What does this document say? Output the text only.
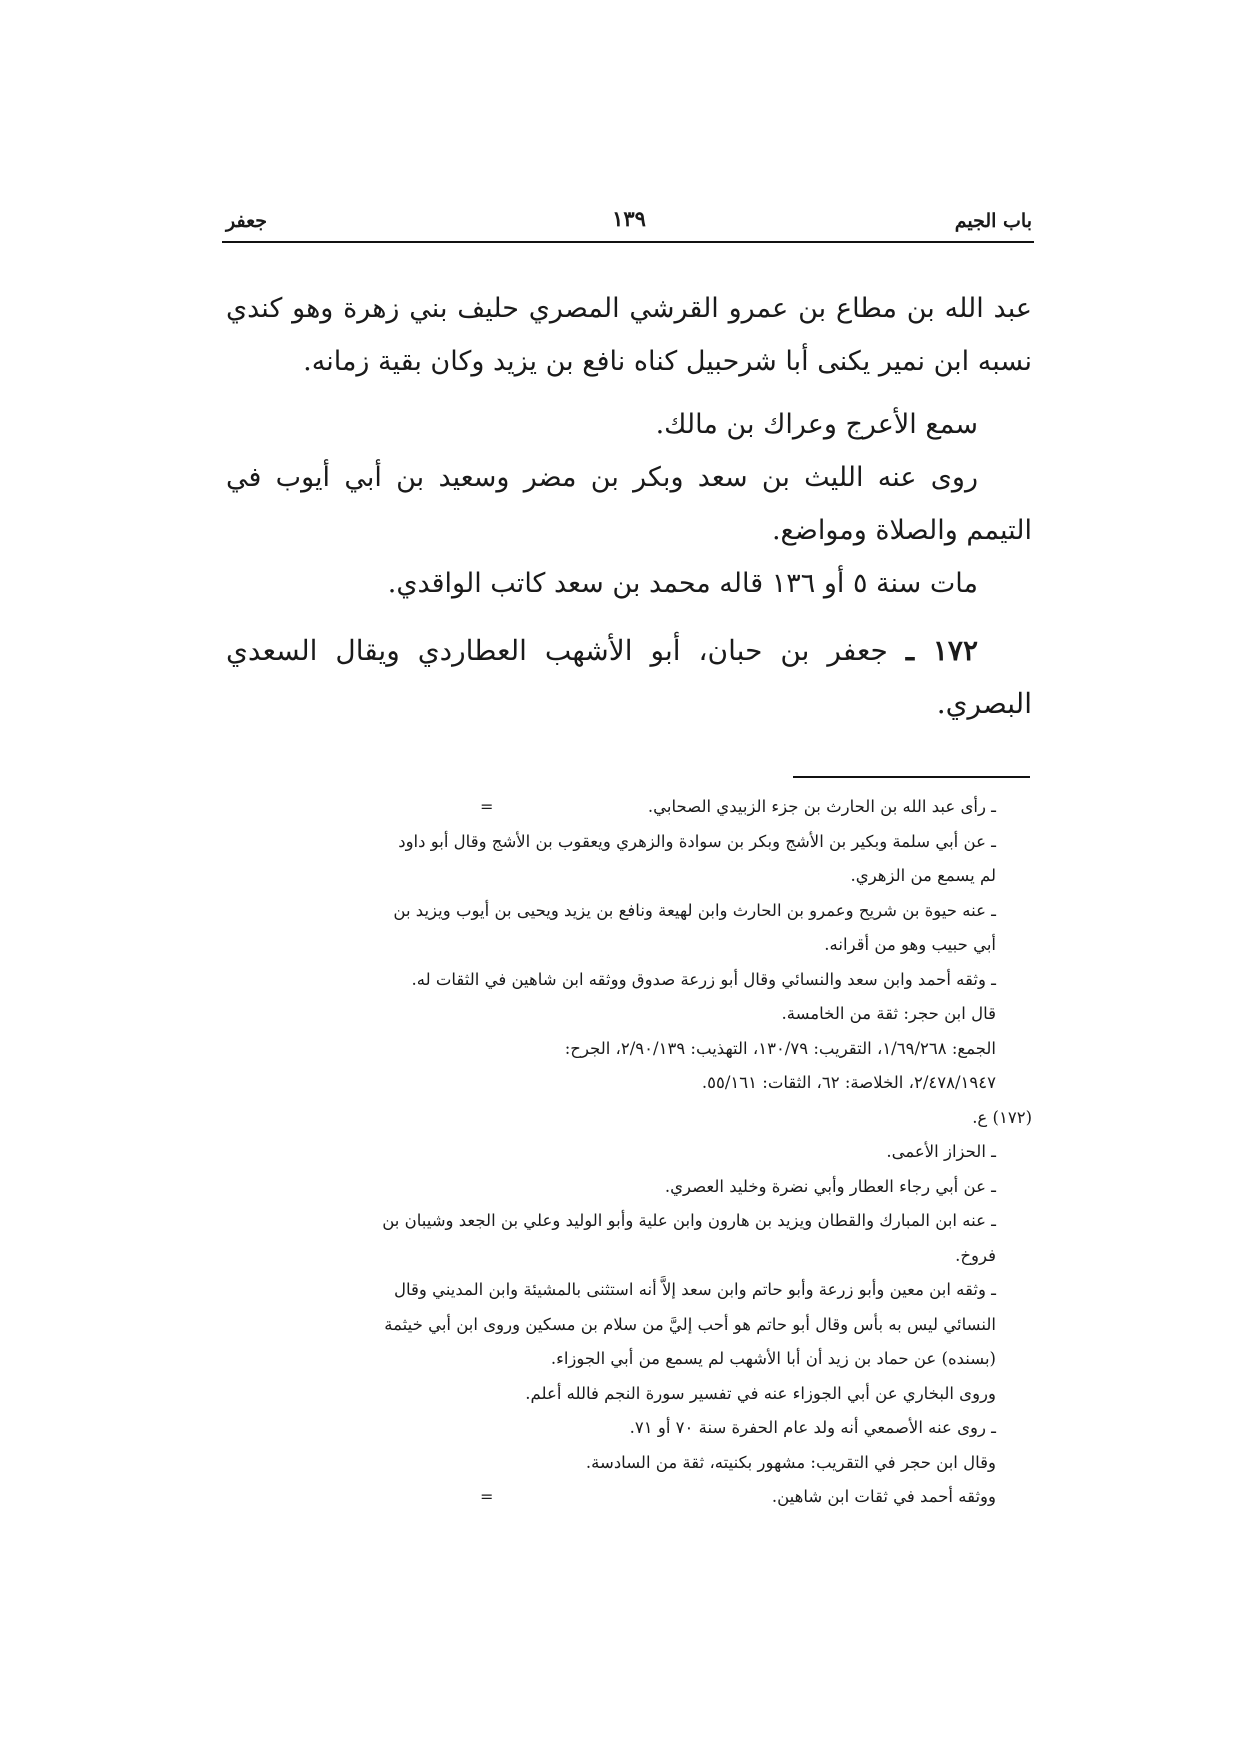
باب الجيم
١٣٩
جعفر
عبد الله بن مطاع بن عمرو القرشي المصري حليف بني زهرة وهو كندي
نسبه ابن نمير يكنى أبا شرحبيل كناه نافع بن يزيد وكان بقية زمانه.
سمع الأعرج وعراك بن مالك.
روى عنه الليث بن سعد وبكر بن مضر وسعيد بن أبي أيوب في
التيمم والصلاة ومواضع.
مات سنة ٥ أو ١٣٦ قاله محمد بن سعد كاتب الواقدي.
١٧٢ ـ جعفر بن حبان، أبو الأشهب العطاردي ويقال السعدي
البصري.
=	ـ رأى عبد الله بن الحارث بن جزء الزبيدي الصحابي.
ـ عن أبي سلمة وبكير بن الأشج وبكر بن سوادة والزهري ويعقوب بن الأشج وقال أبو داود
لم يسمع من الزهري.
ـ عنه حيوة بن شريح وعمرو بن الحارث وابن لهيعة ونافع بن يزيد ويحيى بن أيوب ويزيد بن
أبي حبيب وهو من أقرانه.
ـ وثقه أحمد وابن سعد والنسائي وقال أبو زرعة صدوق ووثقه ابن شاهين في الثقات له.
قال ابن حجر: ثقة من الخامسة.
الجمع: ١/٦٩/٢٦٨، التقريب: ١٣٠/٧٩، التهذيب: ٢/٩٠/١٣٩، الجرح:
٢/٤٧٨/١٩٤٧، الخلاصة: ٦٢، الثقات: ٥٥/١٦١.
(١٧٢) ع.
ـ الحزاز الأعمى.
ـ عن أبي رجاء العطار وأبي نضرة وخليد العصري.
ـ عنه ابن المبارك والقطان ويزيد بن هارون وابن علية وأبو الوليد وعلي بن الجعد وشيبان بن
فروخ.
ـ وثقه ابن معين وأبو زرعة وأبو حاتم وابن سعد إلاَّ أنه استثنى بالمشيئة وابن المديني وقال
النسائي ليس به بأس وقال أبو حاتم هو أحب إليَّ من سلام بن مسكين وروى ابن أبي خيثمة
(بسنده) عن حماد بن زيد أن أبا الأشهب لم يسمع من أبي الجوزاء.
وروى البخاري عن أبي الجوزاء عنه في تفسير سورة النجم فالله أعلم.
ـ روى عنه الأصمعي أنه ولد عام الحفرة سنة ٧٠ أو ٧١.
وقال ابن حجر في التقريب: مشهور بكنيته، ثقة من السادسة.
=	ووثقه أحمد في ثقات ابن شاهين.
